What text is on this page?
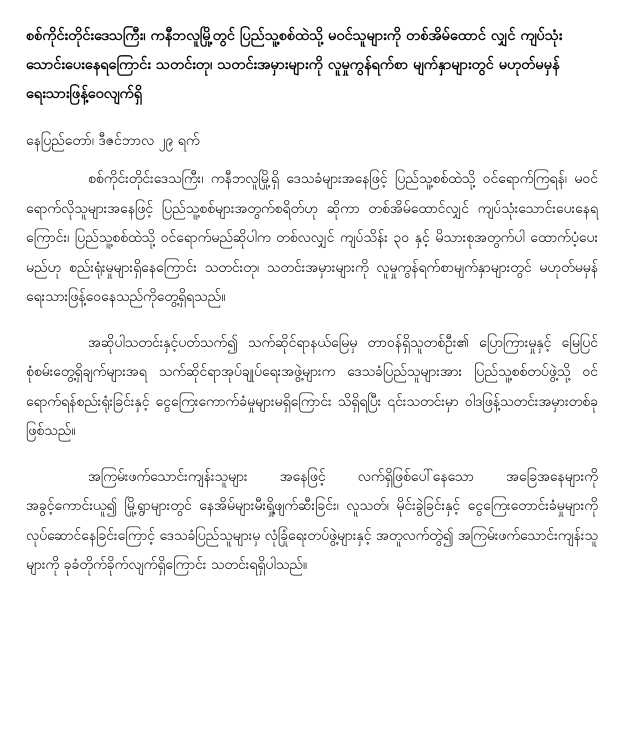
စစ်ကိုင်းတိုင်းဒေသကြီး၊ ကနီဘလူမြို့တွင် ပြည်သူ့စစ်ထဲသို့ မဝင်သူများကို တစ်အိမ်ထောင် လျှင် ကျပ်သုံးသောင်းပေးနေရကြောင်း သတင်းတု၊ သတင်းအမှားများကို လူမှုကွန်ရက်စာ မျက်နှာများတွင် မဟုတ်မမှန် ရေးသားဖြန့်ဝေလျက်ရှိ

နေပြည်တော်၊ ဒီဇင်ဘာလ ၂၉ ရက်

စစ်ကိုင်းတိုင်းဒေသကြီး၊ ကနီဘလူမြို့ရှိ ဒေသခံများအနေဖြင့် ပြည်သူ့စစ်ထဲသို့ ဝင်ရောက်ကြရန်၊ မဝင်ရောက်လိုသူများအနေဖြင့် ပြည်သူ့စစ်များအတွက်စရိတ်ဟု ဆိုကာ တစ်အိမ်ထောင်လျှင် ကျပ်သုံးသောင်းပေးနေရကြောင်း၊ ပြည်သူ့စစ်ထဲသို့ ဝင်ရောက်မည်ဆိုပါက တစ်လလျှင် ကျပ်သိန်း ၃၀ နှင့် မိသားစုအတွက်ပါ ထောက်ပံ့ပေးမည်ဟု စည်းရုံးမှုများရှိနေကြောင်း သတင်းတု၊ သတင်းအမှားများကို လူမှုကွန်ရက်စာမျက်နှာများတွင် မဟုတ်မမှန် ရေးသားဖြန့်ဝေနေသည်ကိုတွေ့ရှိရသည်။

အဆိုပါသတင်းနှင့်ပတ်သက်၍ သက်ဆိုင်ရာနယ်မြေမှ တာဝန်ရှိသူတစ်ဦး၏ ပြောကြားမှုနှင့် မြေပြင်စုံစမ်းတွေ့ရှိချက်များအရ သက်ဆိုင်ရာအုပ်ချုပ်ရေးအဖွဲ့များက ဒေသခံပြည်သူများအား ပြည်သူ့စစ်တပ်ဖွဲ့သို့ ဝင်ရောက်ရန်စည်းရုံးခြင်းနှင့် ငွေကြေးကောက်ခံမှုများမရှိကြောင်း သိရှိရပြီး ၎င်းသတင်းမှာ ဝါဒဖြန့်သတင်းအမှားတစ်ခုဖြစ်သည်။

အကြမ်းဖက်သောင်းကျန်းသူများ အနေဖြင့် လက်ရှိဖြစ်ပေါ်နေသော အခြေအနေများကို အခွင့်ကောင်းယူ၍ မြို့ရွာများတွင် နေအိမ်များမီးရှို့ဖျက်ဆီးခြင်း၊ လူသတ်၊ မိုင်းခွဲခြင်းနှင့် ငွေကြေးတောင်းခံမှုများကိုလုပ်ဆောင်နေခြင်းကြောင့် ဒေသခံပြည်သူများမှ လုံခြုံရေးတပ်ဖွဲ့များနှင့် အတူလက်တွဲ၍ အကြမ်းဖက်သောင်းကျန်းသူများကို ခုခံတိုက်ခိုက်လျက်ရှိကြောင်း သတင်းရရှိပါသည်။
